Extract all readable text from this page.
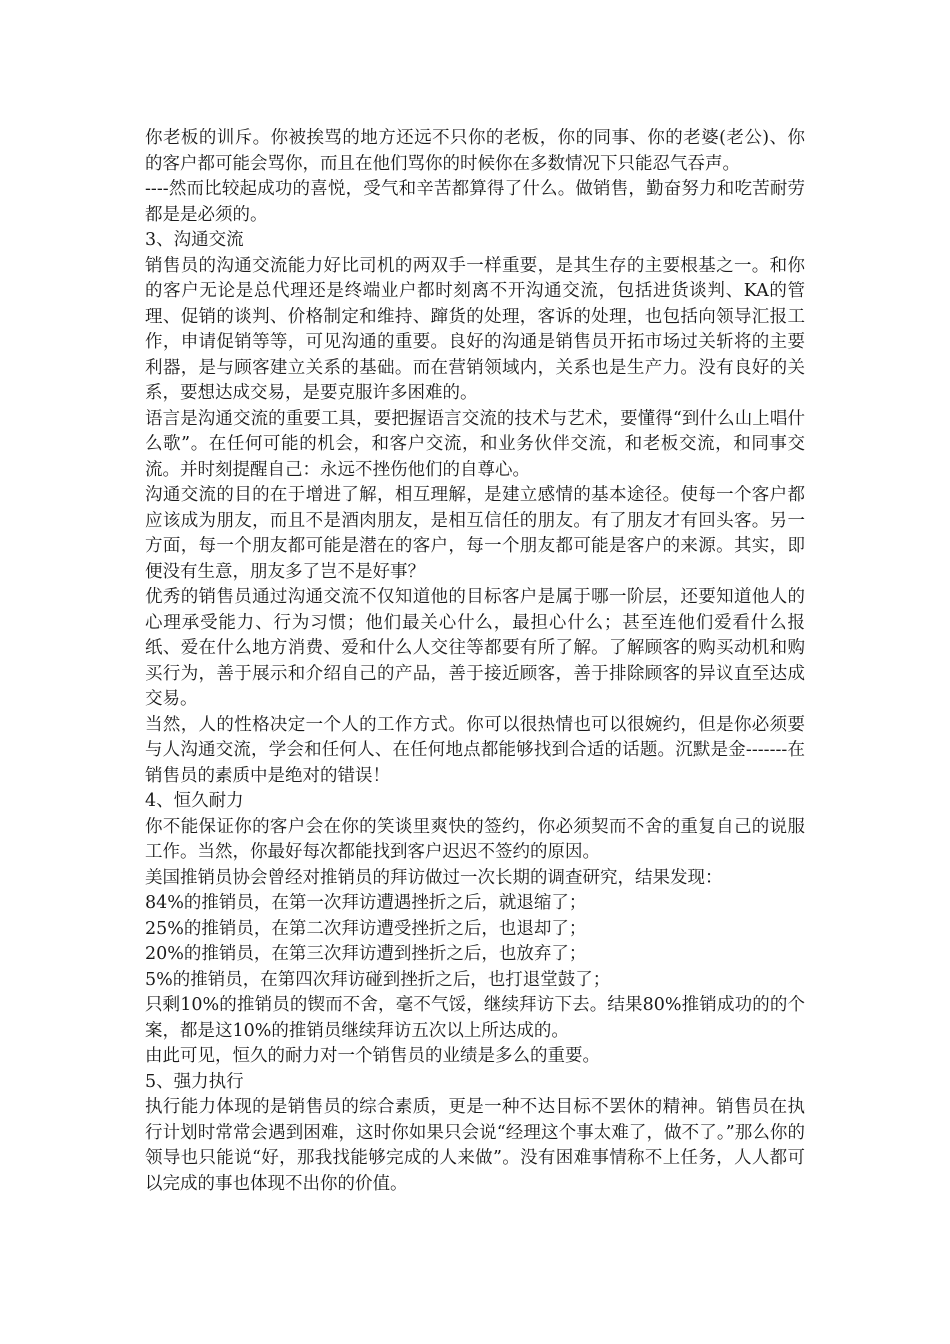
你老板的训斥。你被挨骂的地方还远不只你的老板，你的同事、你的老婆(老公)、你的客户都可能会骂你，而且在他们骂你的时候你在多数情况下只能忍气吞声。

----然而比较起成功的喜悦，受气和辛苦都算得了什么。做销售，勤奋努力和吃苦耐劳都是是必须的。

3、沟通交流

销售员的沟通交流能力好比司机的两双手一样重要，是其生存的主要根基之一。和你的客户无论是总代理还是终端业户都时刻离不开沟通交流，包括进货谈判、KA的管理、促销的谈判、价格制定和维持、蹿货的处理，客诉的处理，也包括向领导汇报工作，申请促销等等，可见沟通的重要。良好的沟通是销售员开拓市场过关斩将的主要利器，是与顾客建立关系的基础。而在营销领域内，关系也是生产力。没有良好的关系，要想达成交易，是要克服许多困难的。

语言是沟通交流的重要工具，要把握语言交流的技术与艺术，要懂得“到什么山上唱什么歌”。在任何可能的机会，和客户交流，和业务伙伴交流，和老板交流，和同事交流。并时刻提醒自己：永远不挫伤他们的自尊心。

沟通交流的目的在于增进了解，相互理解，是建立感情的基本途径。使每一个客户都应该成为朋友，而且不是酒肉朋友，是相互信任的朋友。有了朋友才有回头客。另一方面，每一个朋友都可能是潜在的客户，每一个朋友都可能是客户的来源。其实，即便没有生意，朋友多了岂不是好事？

优秀的销售员通过沟通交流不仅知道他的目标客户是属于哪一阶层，还要知道他人的心理承受能力、行为习惯；他们最关心什么，最担心什么；甚至连他们爱看什么报纸、爱在什么地方消费、爱和什么人交往等都要有所了解。了解顾客的购买动机和购买行为，善于展示和介绍自己的产品，善于接近顾客，善于排除顾客的异议直至达成交易。

当然，人的性格决定一个人的工作方式。你可以很热情也可以很婉约，但是你必须要与人沟通交流，学会和任何人、在任何地点都能够找到合适的话题。沉默是金-------在销售员的素质中是绝对的错误！

4、恒久耐力

你不能保证你的客户会在你的笑谈里爽快的签约，你必须契而不舍的重复自己的说服工作。当然，你最好每次都能找到客户迟迟不签约的原因。

美国推销员协会曾经对推销员的拜访做过一次长期的调查研究，结果发现：

84%的推销员，在第一次拜访遭遇挫折之后，就退缩了；

25%的推销员，在第二次拜访遭受挫折之后，也退却了；

20%的推销员，在第三次拜访遭到挫折之后，也放弃了；

5%的推销员，在第四次拜访碰到挫折之后，也打退堂鼓了；

只剩10%的推销员的锲而不舍，毫不气馁，继续拜访下去。结果80%推销成功的的个案，都是这10%的推销员继续拜访五次以上所达成的。

由此可见，恒久的耐力对一个销售员的业绩是多么的重要。

5、强力执行

执行能力体现的是销售员的综合素质，更是一种不达目标不罢休的精神。销售员在执行计划时常常会遇到困难，这时你如果只会说“经理这个事太难了，做不了。”那么你的领导也只能说“好，那我找能够完成的人来做”。没有困难事情称不上任务，人人都可以完成的事也体现不出你的价值。
